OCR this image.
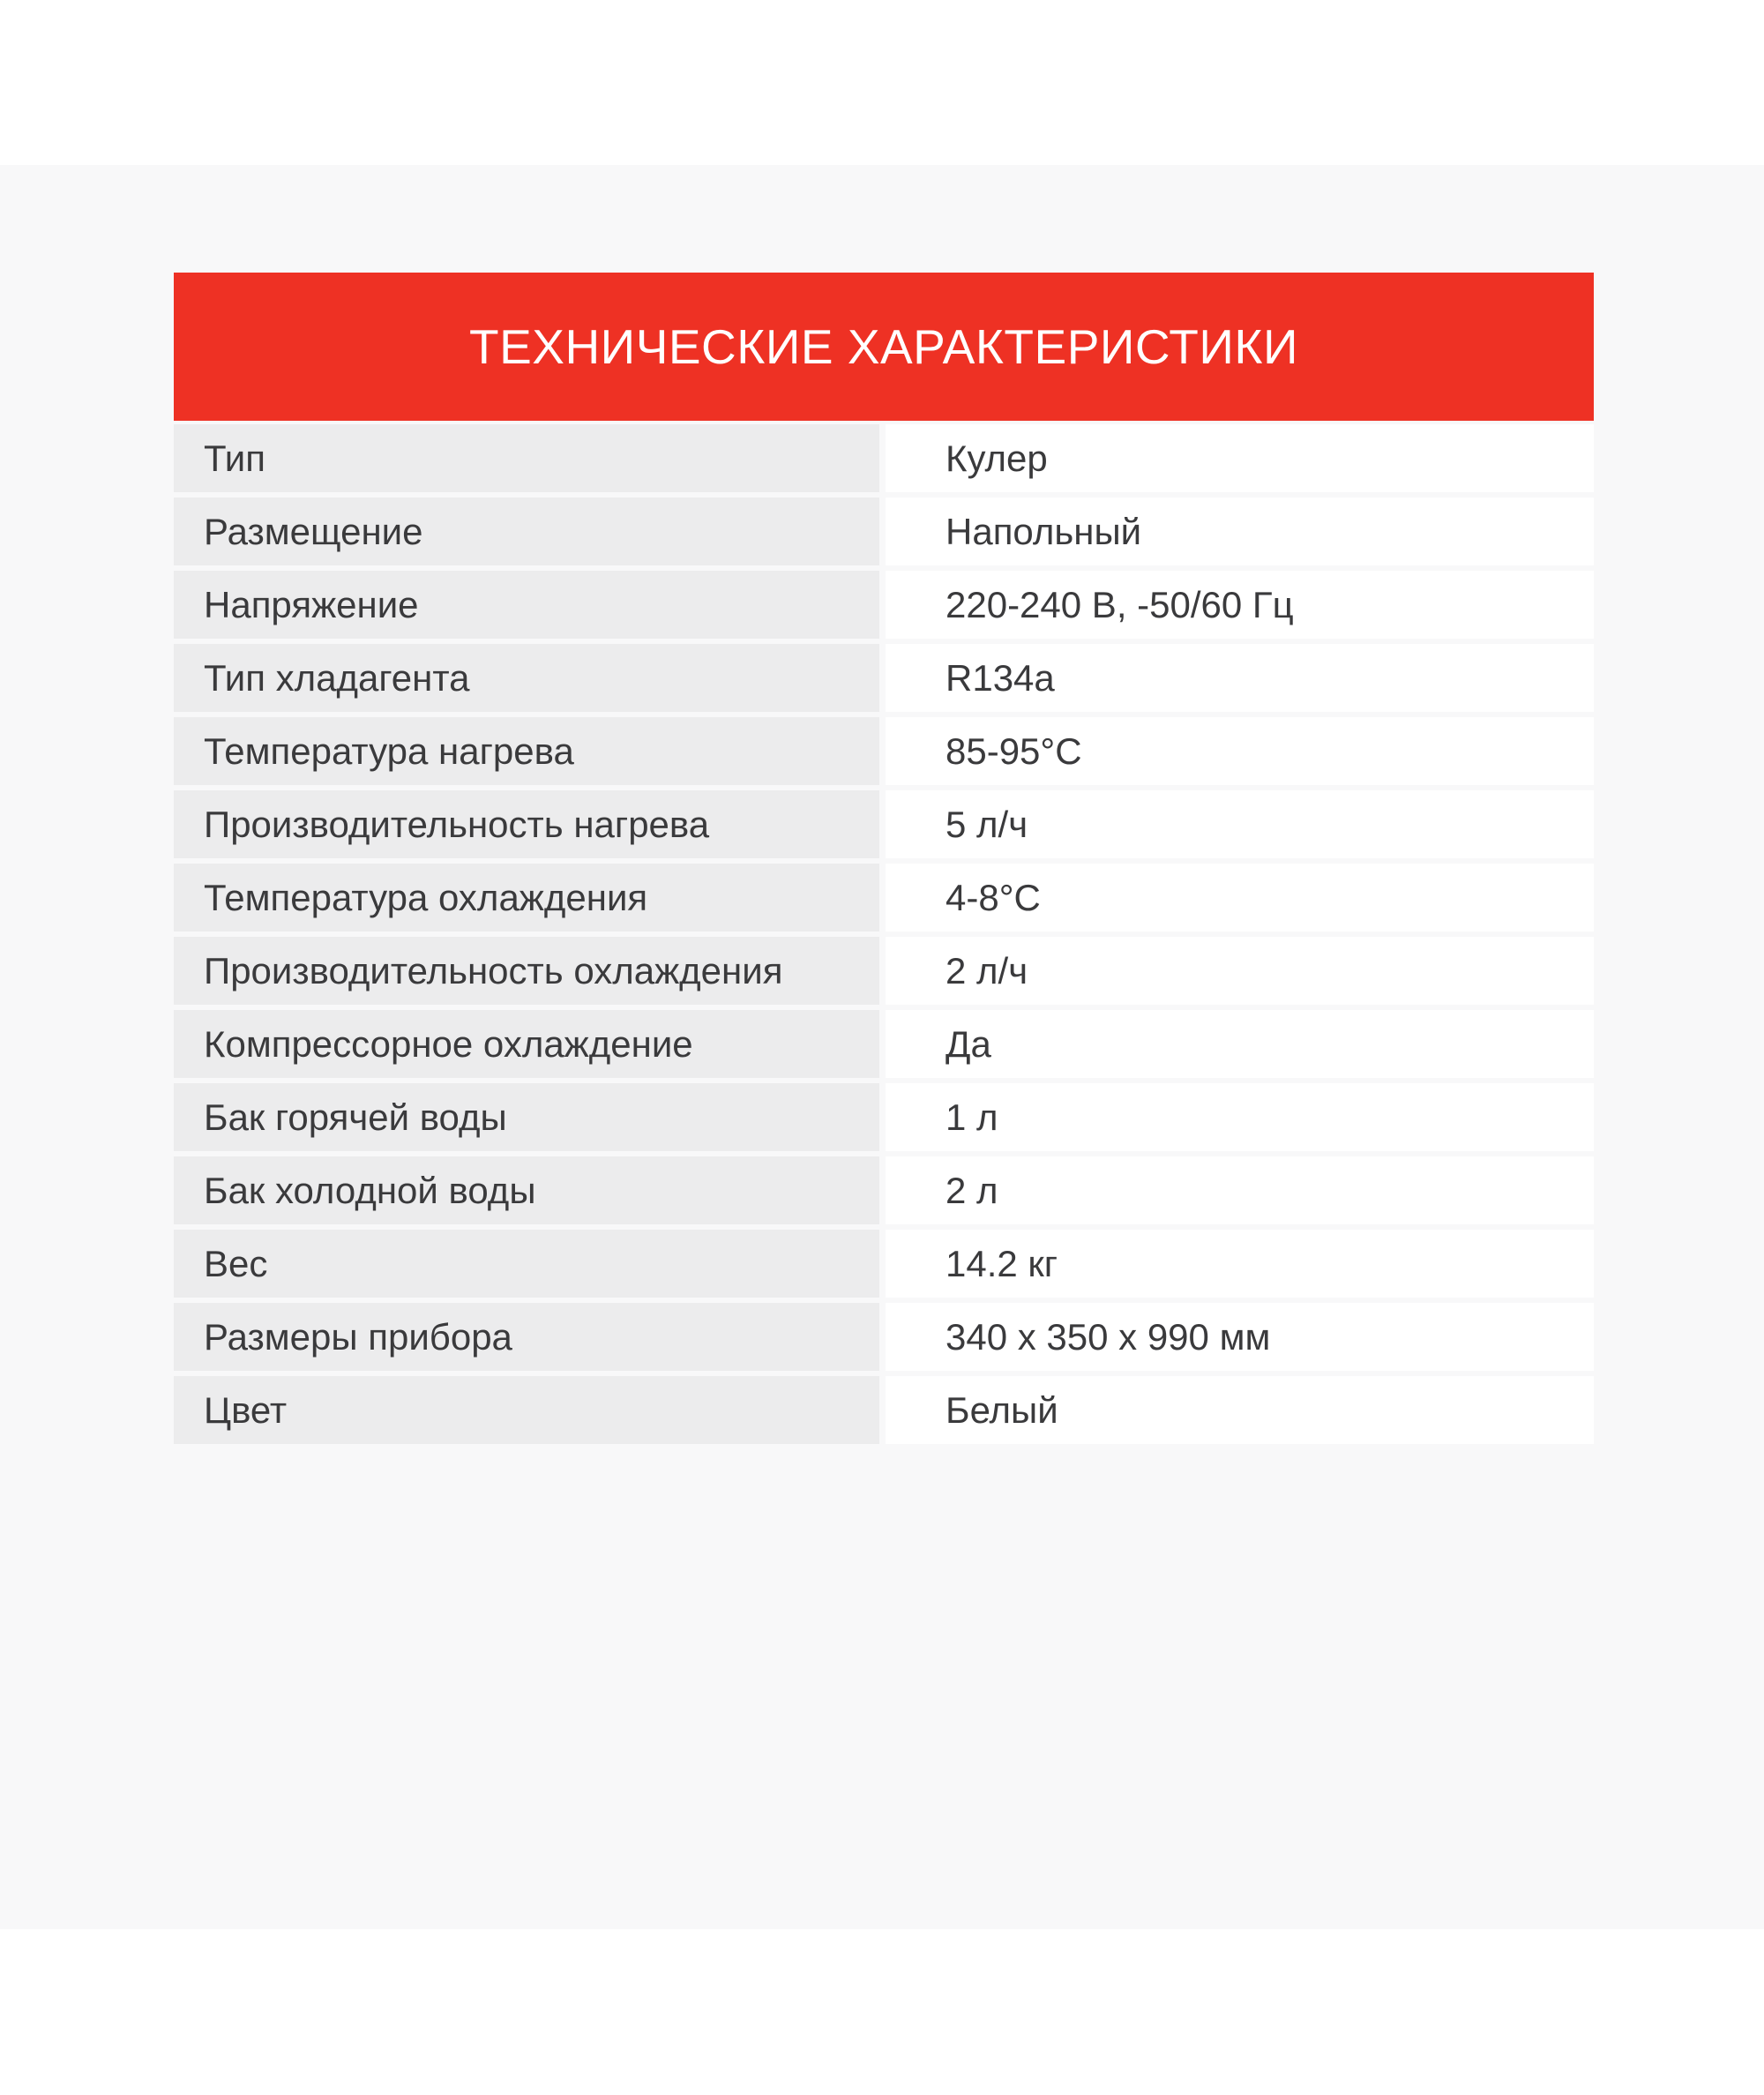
ТЕХНИЧЕСКИЕ ХАРАКТЕРИСТИКИ
Тип	Кулер
Размещение	Напольный
Напряжение	220-240 В, -50/60 Гц
Тип хладагента	R134a
Температура нагрева	85-95°С
Производительность нагрева	5 л/ч
Температура охлаждения	4-8°С
Производительность охлаждения	2 л/ч
Компрессорное охлаждение	Да
Бак горячей воды	1 л
Бак холодной воды	2 л
Вес	14.2 кг
Размеры прибора	340 х 350 х 990 мм
Цвет	Белый
